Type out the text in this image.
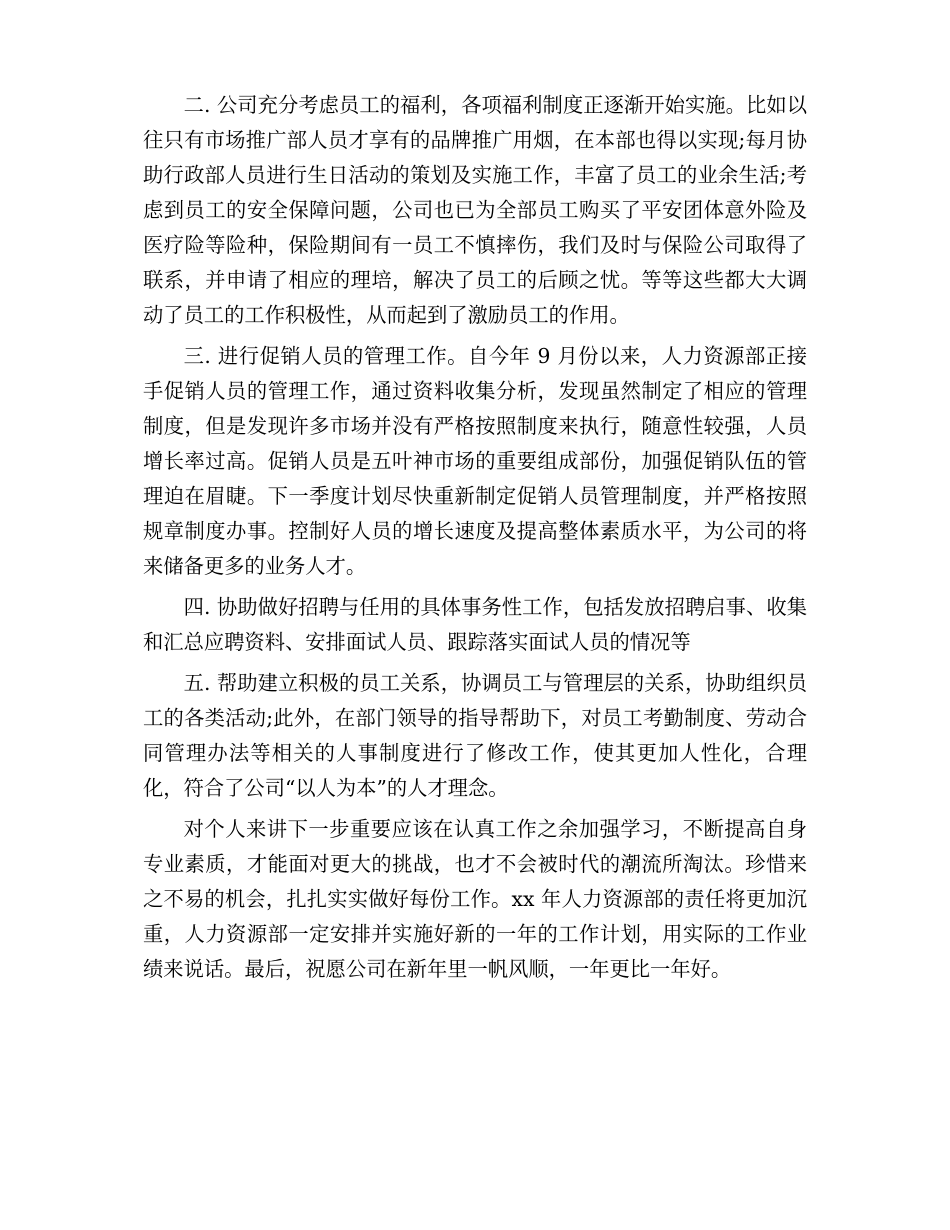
二. 公司充分考虑员工的福利，各项福利制度正逐渐开始实施。比如以往只有市场推广部人员才享有的品牌推广用烟，在本部也得以实现;每月协助行政部人员进行生日活动的策划及实施工作，丰富了员工的业余生活;考虑到员工的安全保障问题，公司也已为全部员工购买了平安团体意外险及医疗险等险种，保险期间有一员工不慎摔伤，我们及时与保险公司取得了联系，并申请了相应的理培，解决了员工的后顾之忧。等等这些都大大调动了员工的工作积极性，从而起到了激励员工的作用。

三. 进行促销人员的管理工作。自今年 9 月份以来，人力资源部正接手促销人员的管理工作，通过资料收集分析，发现虽然制定了相应的管理制度，但是发现许多市场并没有严格按照制度来执行，随意性较强，人员增长率过高。促销人员是五叶神市场的重要组成部份，加强促销队伍的管理迫在眉睫。下一季度计划尽快重新制定促销人员管理制度，并严格按照规章制度办事。控制好人员的增长速度及提高整体素质水平，为公司的将来储备更多的业务人才。

四. 协助做好招聘与任用的具体事务性工作，包括发放招聘启事、收集和汇总应聘资料、安排面试人员、跟踪落实面试人员的情况等

五. 帮助建立积极的员工关系，协调员工与管理层的关系，协助组织员工的各类活动;此外，在部门领导的指导帮助下，对员工考勤制度、劳动合同管理办法等相关的人事制度进行了修改工作，使其更加人性化，合理化，符合了公司“以人为本”的人才理念。

对个人来讲下一步重要应该在认真工作之余加强学习，不断提高自身专业素质，才能面对更大的挑战，也才不会被时代的潮流所淘汰。珍惜来之不易的机会，扎扎实实做好每份工作。xx 年人力资源部的责任将更加沉重，人力资源部一定安排并实施好新的一年的工作计划，用实际的工作业绩来说话。最后，祝愿公司在新年里一帆风顺，一年更比一年好。
